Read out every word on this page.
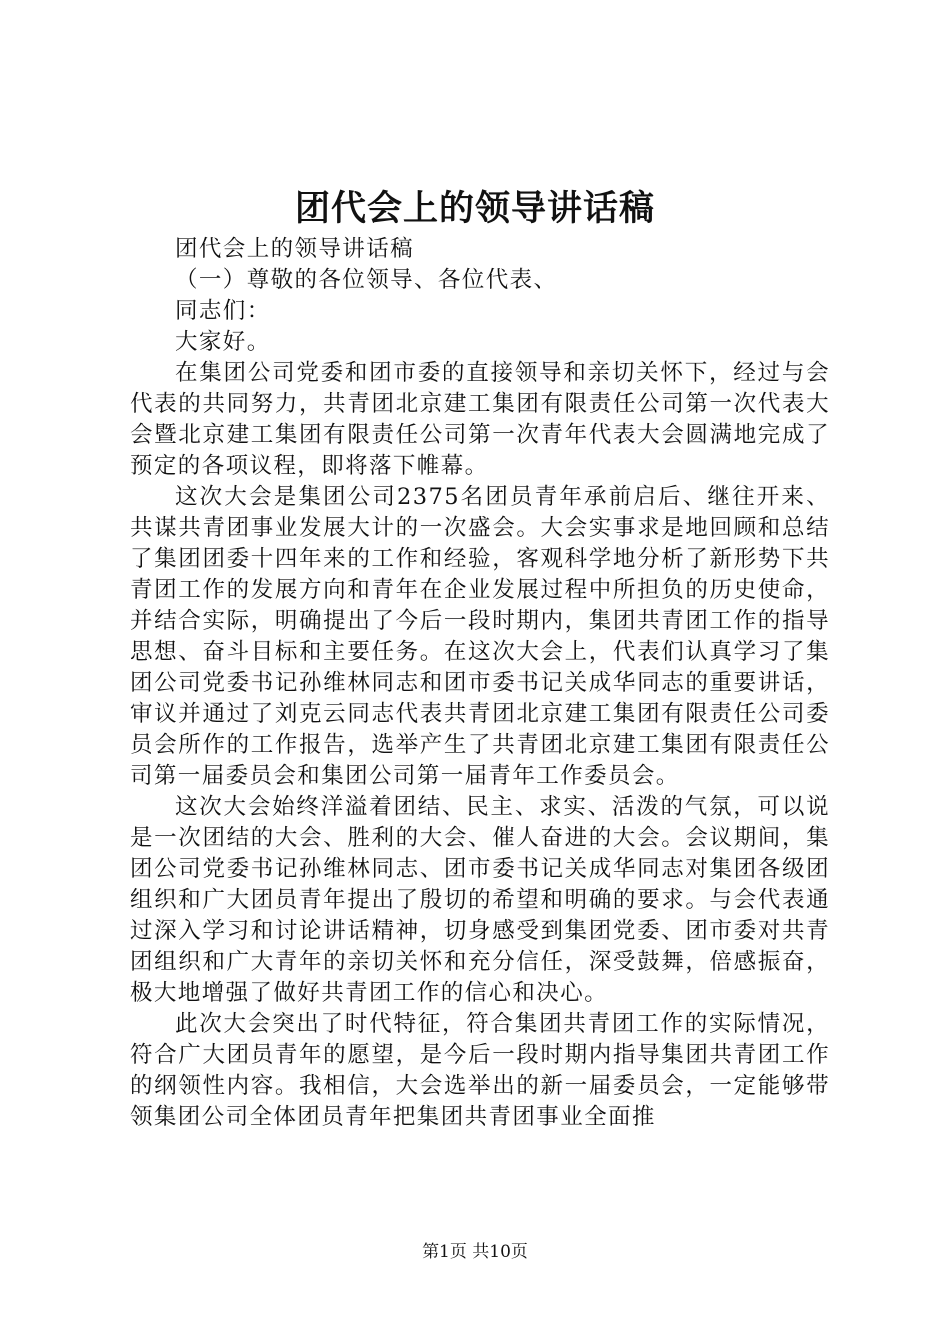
团代会上的领导讲话稿

团代会上的领导讲话稿

（一）尊敬的各位领导、各位代表、

同志们：

大家好。

在集团公司党委和团市委的直接领导和亲切关怀下，经过与会代表的共同努力，共青团北京建工集团有限责任公司第一次代表大会暨北京建工集团有限责任公司第一次青年代表大会圆满地完成了预定的各项议程，即将落下帷幕。

这次大会是集团公司2375名团员青年承前启后、继往开来、共谋共青团事业发展大计的一次盛会。大会实事求是地回顾和总结了集团团委十四年来的工作和经验，客观科学地分析了新形势下共青团工作的发展方向和青年在企业发展过程中所担负的历史使命，并结合实际，明确提出了今后一段时期内，集团共青团工作的指导思想、奋斗目标和主要任务。在这次大会上，代表们认真学习了集团公司党委书记孙维林同志和团市委书记关成华同志的重要讲话，审议并通过了刘克云同志代表共青团北京建工集团有限责任公司委员会所作的工作报告，选举产生了共青团北京建工集团有限责任公司第一届委员会和集团公司第一届青年工作委员会。

这次大会始终洋溢着团结、民主、求实、活泼的气氛，可以说是一次团结的大会、胜利的大会、催人奋进的大会。会议期间，集团公司党委书记孙维林同志、团市委书记关成华同志对集团各级团组织和广大团员青年提出了殷切的希望和明确的要求。与会代表通过深入学习和讨论讲话精神，切身感受到集团党委、团市委对共青团组织和广大青年的亲切关怀和充分信任，深受鼓舞，倍感振奋，极大地增强了做好共青团工作的信心和决心。

此次大会突出了时代特征，符合集团共青团工作的实际情况，符合广大团员青年的愿望，是今后一段时期内指导集团共青团工作的纲领性内容。我相信，大会选举出的新一届委员会，一定能够带领集团公司全体团员青年把集团共青团事业全面推

第1页 共10页
